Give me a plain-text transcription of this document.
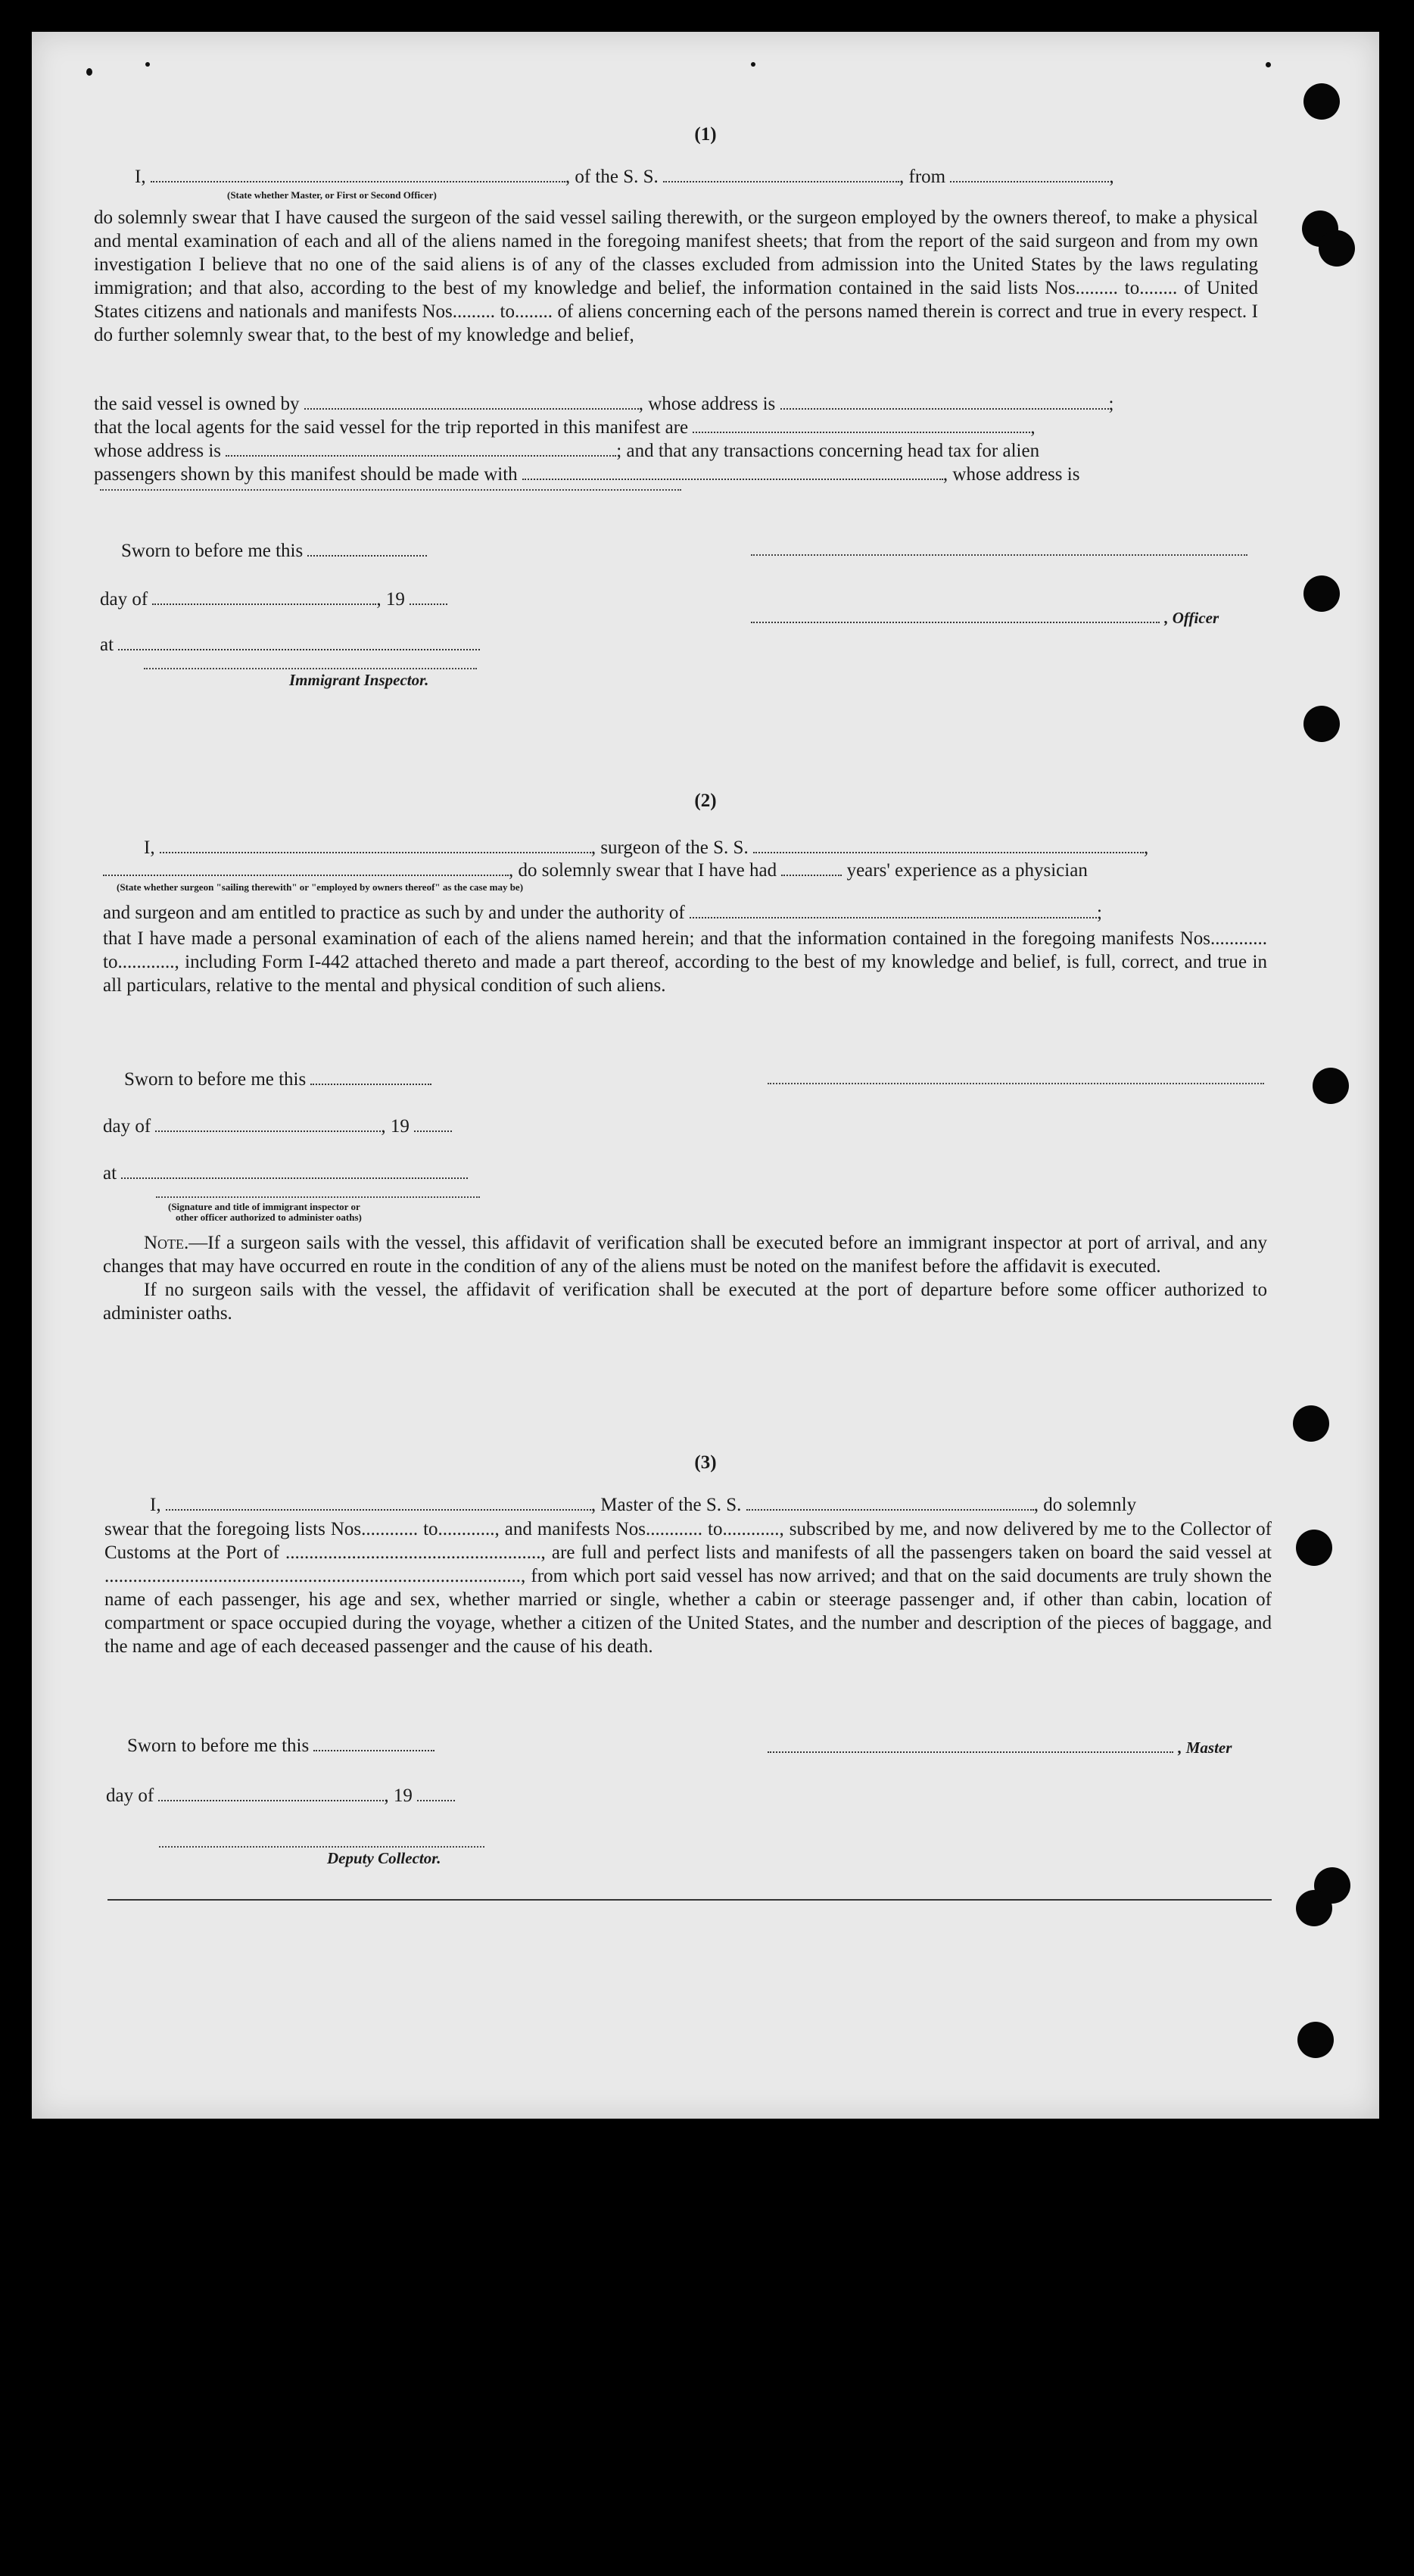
(1)
I,	, of the S. S.	, from	,
(State whether Master, or First or Second Officer)

do solemnly swear that I have caused the surgeon of the said vessel sailing therewith, or the surgeon employed by the owners thereof, to make a physical and mental examination of each and all of the aliens named in the foregoing manifest sheets; that from the report of the said surgeon and from my own investigation I believe that no one of the said aliens is of any of the classes excluded from admission into the United States by the laws regulating immigration; and that also, according to the best of my knowledge and belief, the information contained in the said lists Nos......... to........ of United States citizens and nationals and manifests Nos......... to........ of aliens concerning each of the persons named therein is correct and true in every respect. I do further solemnly swear that, to the best of my knowledge and belief,

the said vessel is owned by	, whose address is	;
that the local agents for the said vessel for the trip reported in this manifest are	,
whose address is	; and that any transactions concerning head tax for alien
passengers shown by this manifest should be made with	, whose address is
Sworn to before me this
day of	, 19
, Officer
at
Immigrant Inspector.
(2)
I,	, surgeon of the S. S.	,
, do solemnly swear that I have had	years' experience as a physician
(State whether surgeon "sailing therewith" or "employed by owners thereof" as the case may be)
and surgeon and am entitled to practice as such by and under the authority of	;

that I have made a personal examination of each of the aliens named herein; and that the information contained in the foregoing manifests Nos............ to............, including Form I-442 attached thereto and made a part thereof, according to the best of my knowledge and belief, is full, correct, and true in all particulars, relative to the mental and physical condition of such aliens.

Sworn to before me this
day of	, 19
at
(Signature and title of immigrant inspector or
other officer authorized to administer oaths)

Note.—If a surgeon sails with the vessel, this affidavit of verification shall be executed before an immigrant inspector at port of arrival, and any changes that may have occurred en route in the condition of any of the aliens must be noted on the manifest before the affidavit is executed.

If no surgeon sails with the vessel, the affidavit of verification shall be executed at the port of departure before some officer authorized to administer oaths.

(3)
I,	, Master of the S. S.	, do solemnly

swear that the foregoing lists Nos............ to............, and manifests Nos............ to............, subscribed by me, and now delivered by me to the Collector of Customs at the Port of ......................................................, are full and perfect lists and manifests of all the passengers taken on board the said vessel at ........................................................................................, from which port said vessel has now arrived; and that on the said documents are truly shown the name of each passenger, his age and sex, whether married or single, whether a cabin or steerage passenger and, if other than cabin, location of compartment or space occupied during the voyage, whether a citizen of the United States, and the number and description of the pieces of baggage, and the name and age of each deceased passenger and the cause of his death.

Sworn to before me this	, Master
day of	, 19
Deputy Collector.
